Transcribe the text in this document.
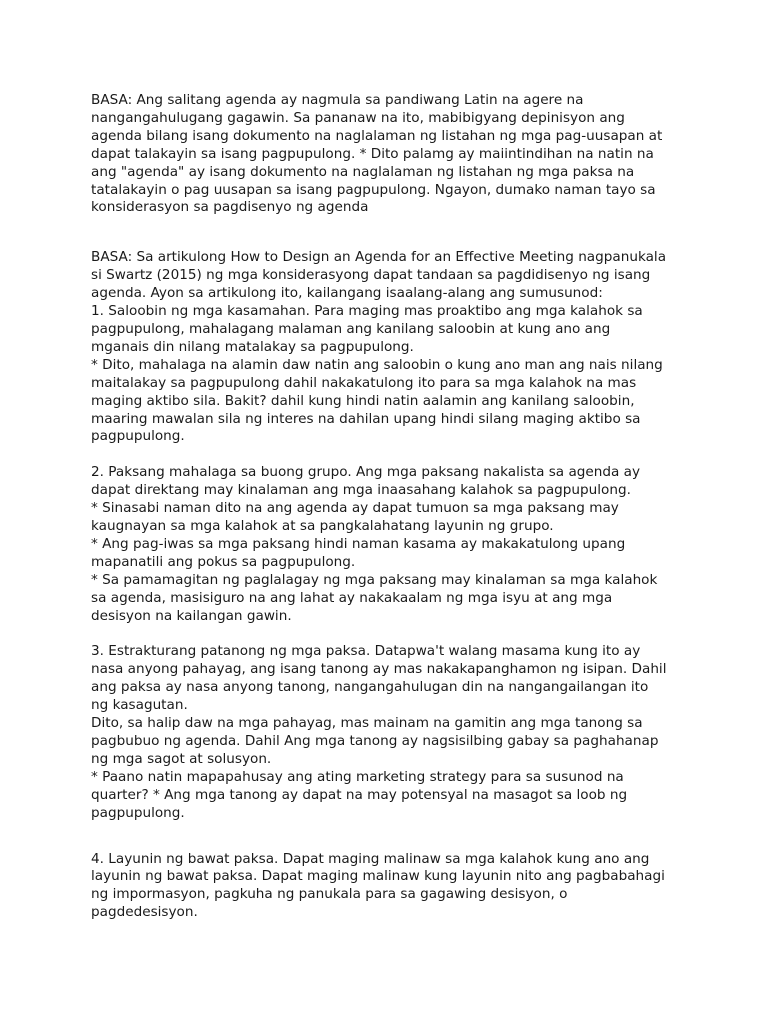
BASA: Ang salitang agenda ay nagmula sa pandiwang Latin na agere na
nangangahulugang gagawin. Sa pananaw na ito, mabibigyang depinisyon ang
agenda bilang isang dokumento na naglalaman ng listahan ng mga pag-uusapan at
dapat talakayin sa isang pagpupulong. * Dito palamg ay maiintindihan na natin na
ang "agenda" ay isang dokumento na naglalaman ng listahan ng mga paksa na
tatalakayin o pag uusapan sa isang pagpupulong. Ngayon, dumako naman tayo sa
konsiderasyon sa pagdisenyo ng agenda

BASA: Sa artikulong How to Design an Agenda for an Effective Meeting nagpanukala
si Swartz (2015) ng mga konsiderasyong dapat tandaan sa pagdidisenyo ng isang
agenda. Ayon sa artikulong ito, kailangang isaalang-alang ang sumusunod:
1. Saloobin ng mga kasamahan. Para maging mas proaktibo ang mga kalahok sa
pagpupulong, mahalagang malaman ang kanilang saloobin at kung ano ang
mganais din nilang matalakay sa pagpupulong.
* Dito, mahalaga na alamin daw natin ang saloobin o kung ano man ang nais nilang
maitalakay sa pagpupulong dahil nakakatulong ito para sa mga kalahok na mas
maging aktibo sila. Bakit? dahil kung hindi natin aalamin ang kanilang saloobin,
maaring mawalan sila ng interes na dahilan upang hindi silang maging aktibo sa
pagpupulong.

2. Paksang mahalaga sa buong grupo. Ang mga paksang nakalista sa agenda ay
dapat direktang may kinalaman ang mga inaasahang kalahok sa pagpupulong.
* Sinasabi naman dito na ang agenda ay dapat tumuon sa mga paksang may
kaugnayan sa mga kalahok at sa pangkalahatang layunin ng grupo.
* Ang pag-iwas sa mga paksang hindi naman kasama ay makakatulong upang
mapanatili ang pokus sa pagpupulong.
* Sa pamamagitan ng paglalagay ng mga paksang may kinalaman sa mga kalahok
sa agenda, masisiguro na ang lahat ay nakakaalam ng mga isyu at ang mga
desisyon na kailangan gawin.

3. Estrakturang patanong ng mga paksa. Datapwa't walang masama kung ito ay
nasa anyong pahayag, ang isang tanong ay mas nakakapanghamon ng isipan. Dahil
ang paksa ay nasa anyong tanong, nangangahulugan din na nangangailangan ito
ng kasagutan.
Dito, sa halip daw na mga pahayag, mas mainam na gamitin ang mga tanong sa
pagbubuo ng agenda. Dahil Ang mga tanong ay nagsisilbing gabay sa paghahanap
ng mga sagot at solusyon.
* Paano natin mapapahusay ang ating marketing strategy para sa susunod na
quarter? * Ang mga tanong ay dapat na may potensyal na masagot sa loob ng
pagpupulong.

4. Layunin ng bawat paksa. Dapat maging malinaw sa mga kalahok kung ano ang
layunin ng bawat paksa. Dapat maging malinaw kung layunin nito ang pagbabahagi
ng impormasyon, pagkuha ng panukala para sa gagawing desisyon, o
pagdedesisyon.
